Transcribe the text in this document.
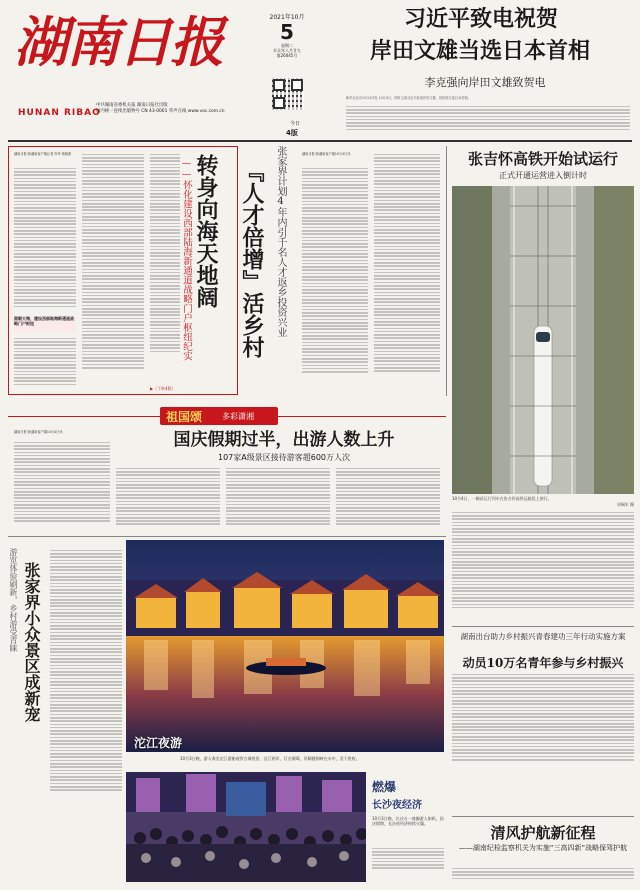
湖南日报
HUNAN RIBAO
中共湖南省委机关报 湖南日报社出版
国内统一连续出版物号 CN 43-0001 华声在线 www.voc.com.cn
2021年10月
5
星期二
辛丑年八月廿九
第26045号
今日
4版
习近平致电祝贺
岸田文雄当选日本首相
李克强向岸田文雄致贺电
新华社北京10月4日电 10月4日，国家主席习近平致电岸田文雄，祝贺他当选日本首相。
湖南日报·新湖南客户端记者 肖军 黄晓燕
面朝大海，建设西部陆海新通道战略门户枢纽
转身向海天地阔
——怀化建设西部陆海新通道战略门户枢纽纪实
▶（下转4版）
『人才倍增』活乡村 张家界计划4年内引千名人才返乡投资兴业	湖南日报·新湖南客户端10月4日讯	张吉怀高铁开始试运行
正式开通运营进入倒计时
10月4日，一辆试运行列车在张吉怀高铁沅陵段上驶行。
刘瑞军 摄
祖国颂 多彩潇湘
湖南日报·新湖南客户端10月4日讯	国庆假期过半，出游人数上升
107家A级景区接待游客超600万人次
张家界小众景区成新宠
游览体验刷新，乡村游受青睐
沱江夜游
10月3日晚，游人乘坐沱江游船观赏古城夜景，沿江两岸，灯光璀璨，吊脚楼倒映在水中，美不胜收。
燃爆
长沙夜经济
10月3日晚，长沙五一商圈游人如织。国庆假期，长沙夜经济持续火爆。
湖南出台助力乡村振兴青春建功三年行动实施方案
动员10万名青年参与乡村振兴
清风护航新征程
——湖南纪检监察机关为实施“三高四新”战略保驾护航
